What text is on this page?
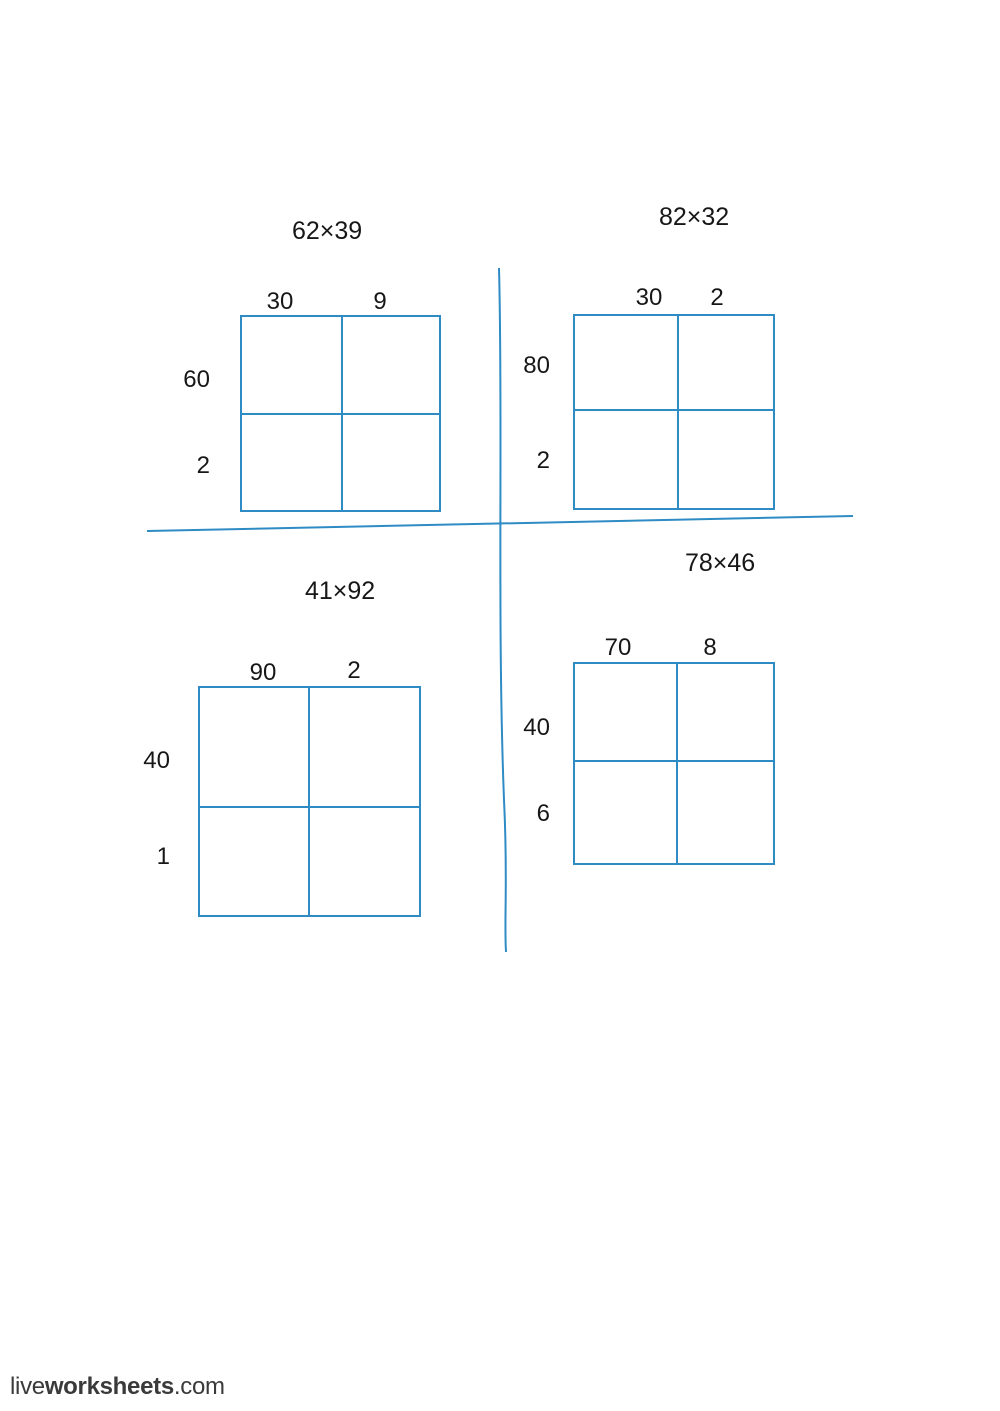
62×39
30	9
60
2
82×32
30	2
80
2
41×92
90	2
40
1
78×46
70	8
40
6
liveworksheets.com
